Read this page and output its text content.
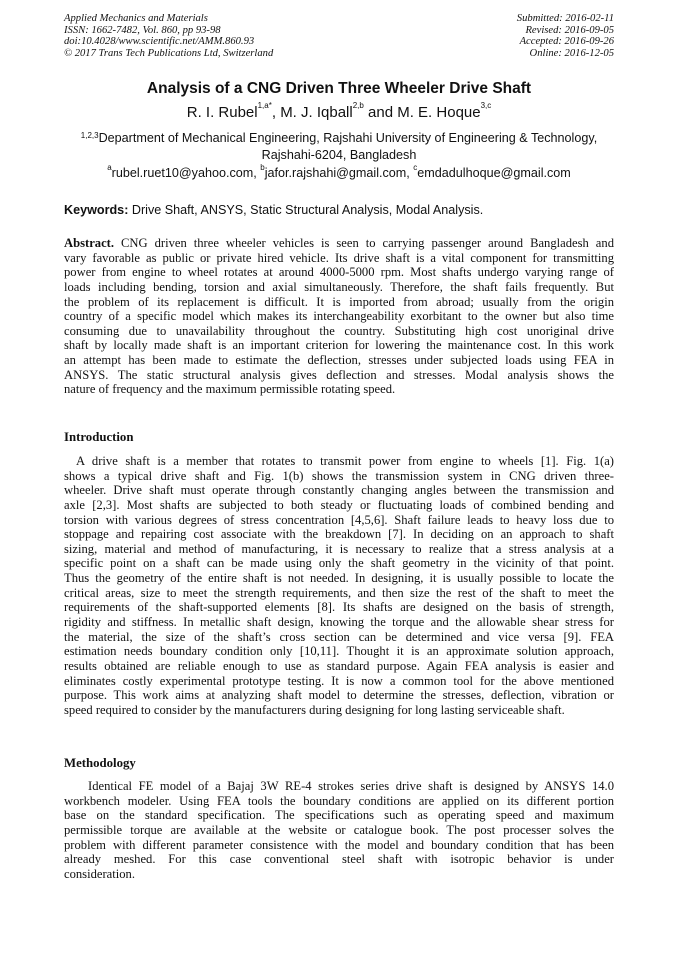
Applied Mechanics and Materials
ISSN: 1662-7482, Vol. 860, pp 93-98
doi:10.4028/www.scientific.net/AMM.860.93
© 2017 Trans Tech Publications Ltd, Switzerland
Submitted: 2016-02-11
Revised: 2016-09-05
Accepted: 2016-09-26
Online: 2016-12-05
Analysis of a CNG Driven Three Wheeler Drive Shaft
R. I. Rubel$^{1,a*}$, M. J. Iqball$^{2,b}$ and M. E. Hoque$^{3,c}$
$^{1,2,3}$Department of Mechanical Engineering, Rajshahi University of Engineering & Technology,
Rajshahi-6204, Bangladesh
$^a$rubel.ruet10@yahoo.com, $^b$jafor.rajshahi@gmail.com, $^c$emdadulhoque@gmail.com
Keywords: Drive Shaft, ANSYS, Static Structural Analysis, Modal Analysis.
Abstract. CNG driven three wheeler vehicles is seen to carrying passenger around Bangladesh and
vary favorable as public or private hired vehicle. Its drive shaft is a vital component for transmitting
power from engine to wheel rotates at around 4000-5000 rpm. Most shafts undergo varying range of
loads including bending, torsion and axial simultaneously. Therefore, the shaft fails frequently. But
the problem of its replacement is difficult. It is imported from abroad; usually from the origin
country of a specific model which makes its interchangeability exorbitant to the owner but also time
consuming due to unavailability throughout the country. Substituting high cost unoriginal drive
shaft by locally made shaft is an important criterion for lowering the maintenance cost. In this work
an attempt has been made to estimate the deflection, stresses under subjected loads using FEA in
ANSYS. The static structural analysis gives deflection and stresses. Modal analysis shows the
nature of frequency and the maximum permissible rotating speed.
Introduction
A drive shaft is a member that rotates to transmit power from engine to wheels [1]. Fig. 1(a)
shows a typical drive shaft and Fig. 1(b) shows the transmission system in CNG driven three-
wheeler. Drive shaft must operate through constantly changing angles between the transmission and
axle [2,3]. Most shafts are subjected to both steady or fluctuating loads of combined bending and
torsion with various degrees of stress concentration [4,5,6]. Shaft failure leads to heavy loss due to
stoppage and repairing cost associate with the breakdown [7]. In deciding on an approach to shaft
sizing, material and method of manufacturing, it is necessary to realize that a stress analysis at a
specific point on a shaft can be made using only the shaft geometry in the vicinity of that point.
Thus the geometry of the entire shaft is not needed. In designing, it is usually possible to locate the
critical areas, size to meet the strength requirements, and then size the rest of the shaft to meet the
requirements of the shaft-supported elements [8]. Its shafts are designed on the basis of strength,
rigidity and stiffness. In metallic shaft design, knowing the torque and the allowable shear stress for
the material, the size of the shaft’s cross section can be determined and vice versa [9]. FEA
estimation needs boundary condition only [10,11]. Thought it is an approximate solution approach,
results obtained are reliable enough to use as standard purpose. Again FEA analysis is easier and
eliminates costly experimental prototype testing. It is now a common tool for the above mentioned
purpose. This work aims at analyzing shaft model to determine the stresses, deflection, vibration or
speed required to consider by the manufacturers during designing for long lasting serviceable shaft.
Methodology
Identical FE model of a Bajaj 3W RE-4 strokes series drive shaft is designed by ANSYS 14.0
workbench modeler. Using FEA tools the boundary conditions are applied on its different portion
base on the standard specification. The specifications such as operating speed and maximum
permissible torque are available at the website or catalogue book. The post processer solves the
problem with different parameter consistence with the model and boundary condition that has been
already meshed. For this case conventional steel shaft with isotropic behavior is under
consideration.
